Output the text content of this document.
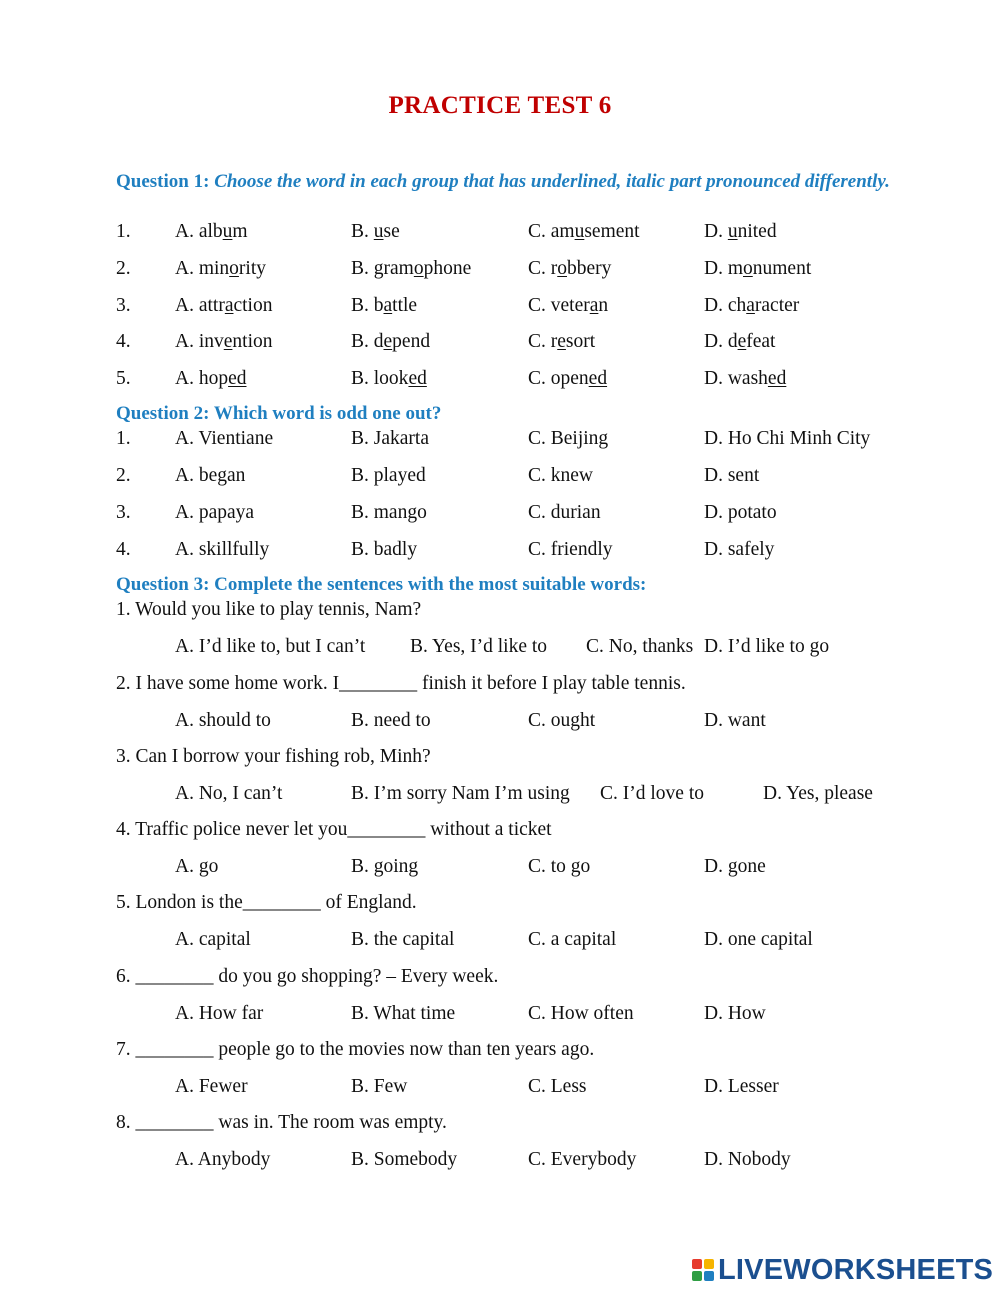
PRACTICE TEST 6
Question 1: Choose the word in each group that has underlined, italic part pronounced differently.
1. A. album	B. use	C. amusement	D. united
2. A. minority	B. gramophone	C. robbery	D. monument
3. A. attraction	B. battle	C. veteran	D. character
4. A. invention	B. depend	C. resort	D. defeat
5. A. hoped	B. looked	C. opened	D. washed
Question 2: Which word is odd one out?
1. A. Vientiane	B. Jakarta	C. Beijing	D. Ho Chi Minh City
2. A. began	B. played	C. knew	D. sent
3. A. papaya	B. mango	C. durian	D. potato
4. A. skillfully	B. badly	C. friendly	D. safely
Question 3: Complete the sentences with the most suitable words:
1. Would you like to play tennis, Nam?
A. I’d like to, but I can’t B. Yes, I’d like to C. No, thanks D. I’d like to go
2. I have some home work. I________ finish it before I play table tennis.
A. should to	B. need to	C. ought	D. want
3. Can I borrow your fishing rob, Minh?
A. No, I can’t	B. I’m sorry Nam I’m using C. I’d love to	D. Yes, please
4. Traffic police never let you________ without a ticket
A. go	B. going	C. to go	D. gone
5. London is the________ of England.
A. capital	B. the capital	C. a capital	D. one capital
6. ________ do you go shopping? – Every week.
A. How far	B. What time	C. How often	D. How
7. ________ people go to the movies now than ten years ago.
A. Fewer	B. Few	C. Less	D. Lesser
8. ________ was in. The room was empty.
A. Anybody	B. Somebody	C. Everybody	D. Nobody
LIVEWORKSHEETS
